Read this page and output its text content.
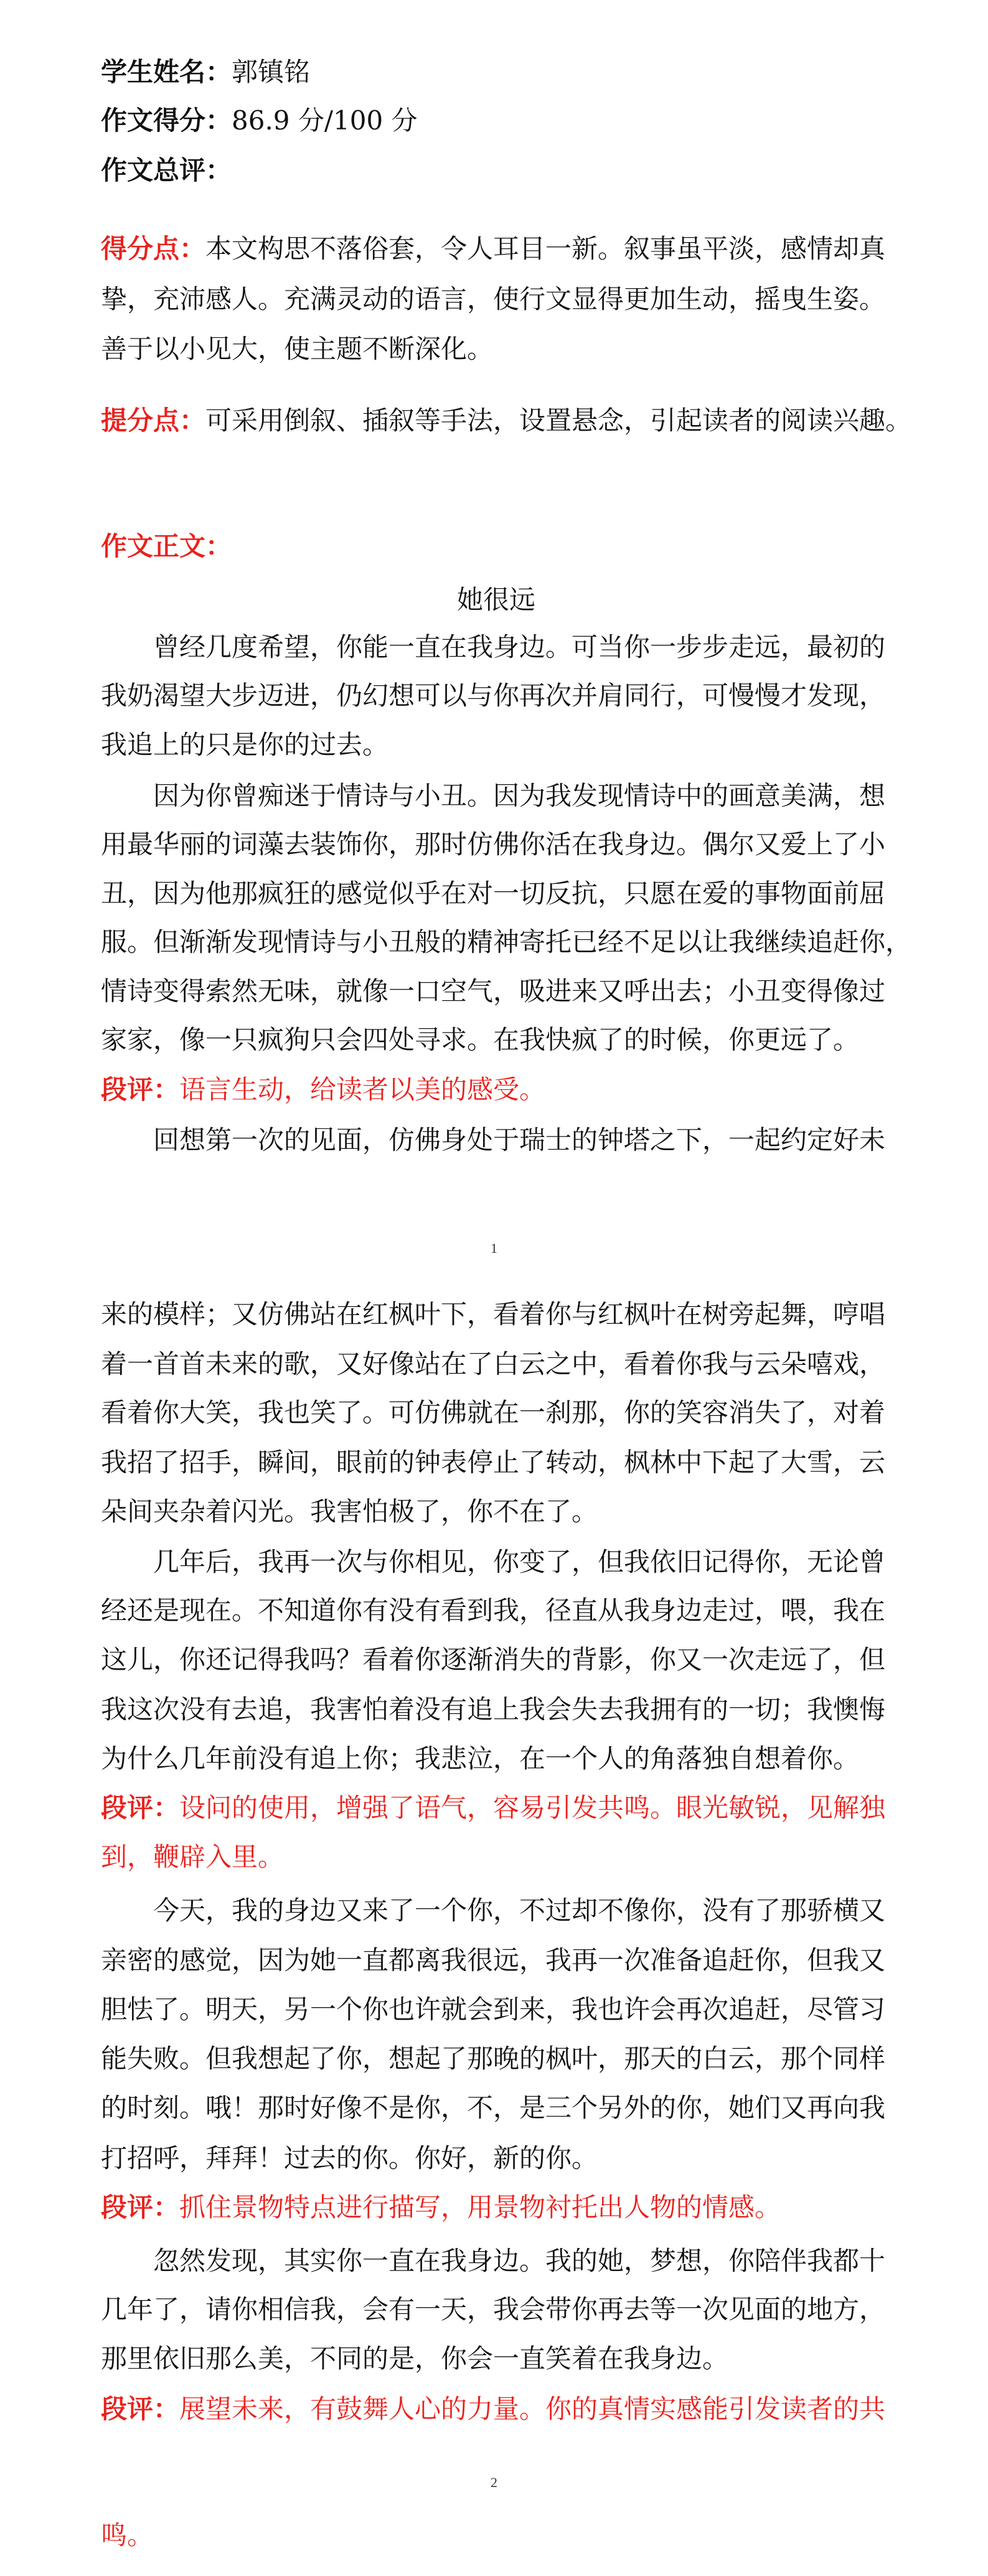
学生姓名：郭镇铭
作文得分：86.9 分/100 分
作文总评：
得分点：本文构思不落俗套，令人耳目一新。叙事虽平淡，感情却真
挚，充沛感人。充满灵动的语言，使行文显得更加生动，摇曳生姿。
善于以小见大，使主题不断深化。
提分点：可采用倒叙、插叙等手法，设置悬念，引起读者的阅读兴趣。
作文正文：
她很远
　　曾经几度希望，你能一直在我身边。可当你一步步走远，最初的
我奶渴望大步迈进，仍幻想可以与你再次并肩同行，可慢慢才发现，
我追上的只是你的过去。
　　因为你曾痴迷于情诗与小丑。因为我发现情诗中的画意美满，想
用最华丽的词藻去装饰你，那时仿佛你活在我身边。偶尔又爱上了小
丑，因为他那疯狂的感觉似乎在对一切反抗，只愿在爱的事物面前屈
服。但渐渐发现情诗与小丑般的精神寄托已经不足以让我继续追赶你，
情诗变得索然无味，就像一口空气，吸进来又呼出去；小丑变得像过
家家，像一只疯狗只会四处寻求。在我快疯了的时候，你更远了。
段评：语言生动，给读者以美的感受。
　　回想第一次的见面，仿佛身处于瑞士的钟塔之下，一起约定好未
来的模样；又仿佛站在红枫叶下，看着你与红枫叶在树旁起舞，哼唱
着一首首未来的歌，又好像站在了白云之中，看着你我与云朵嘻戏，
看着你大笑，我也笑了。可仿佛就在一刹那，你的笑容消失了，对着
我招了招手，瞬间，眼前的钟表停止了转动，枫林中下起了大雪，云
朵间夹杂着闪光。我害怕极了，你不在了。
　　几年后，我再一次与你相见，你变了，但我依旧记得你，无论曾
经还是现在。不知道你有没有看到我，径直从我身边走过，喂，我在
这儿，你还记得我吗？看着你逐渐消失的背影，你又一次走远了，但
我这次没有去追，我害怕着没有追上我会失去我拥有的一切；我懊悔
为什么几年前没有追上你；我悲泣，在一个人的角落独自想着你。
段评：设问的使用，增强了语气，容易引发共鸣。眼光敏锐，见解独
到，鞭辟入里。
　　今天，我的身边又来了一个你，不过却不像你，没有了那骄横又
亲密的感觉，因为她一直都离我很远，我再一次准备追赶你，但我又
胆怯了。明天，另一个你也许就会到来，我也许会再次追赶，尽管习
能失败。但我想起了你，想起了那晚的枫叶，那天的白云，那个同样
的时刻。哦！那时好像不是你，不，是三个另外的你，她们又再向我
打招呼，拜拜！过去的你。你好，新的你。
段评：抓住景物特点进行描写，用景物衬托出人物的情感。
　　忽然发现，其实你一直在我身边。我的她，梦想，你陪伴我都十
几年了，请你相信我，会有一天，我会带你再去等一次见面的地方，
那里依旧那么美，不同的是，你会一直笑着在我身边。
段评：展望未来，有鼓舞人心的力量。你的真情实感能引发读者的共
鸣。
1
2
